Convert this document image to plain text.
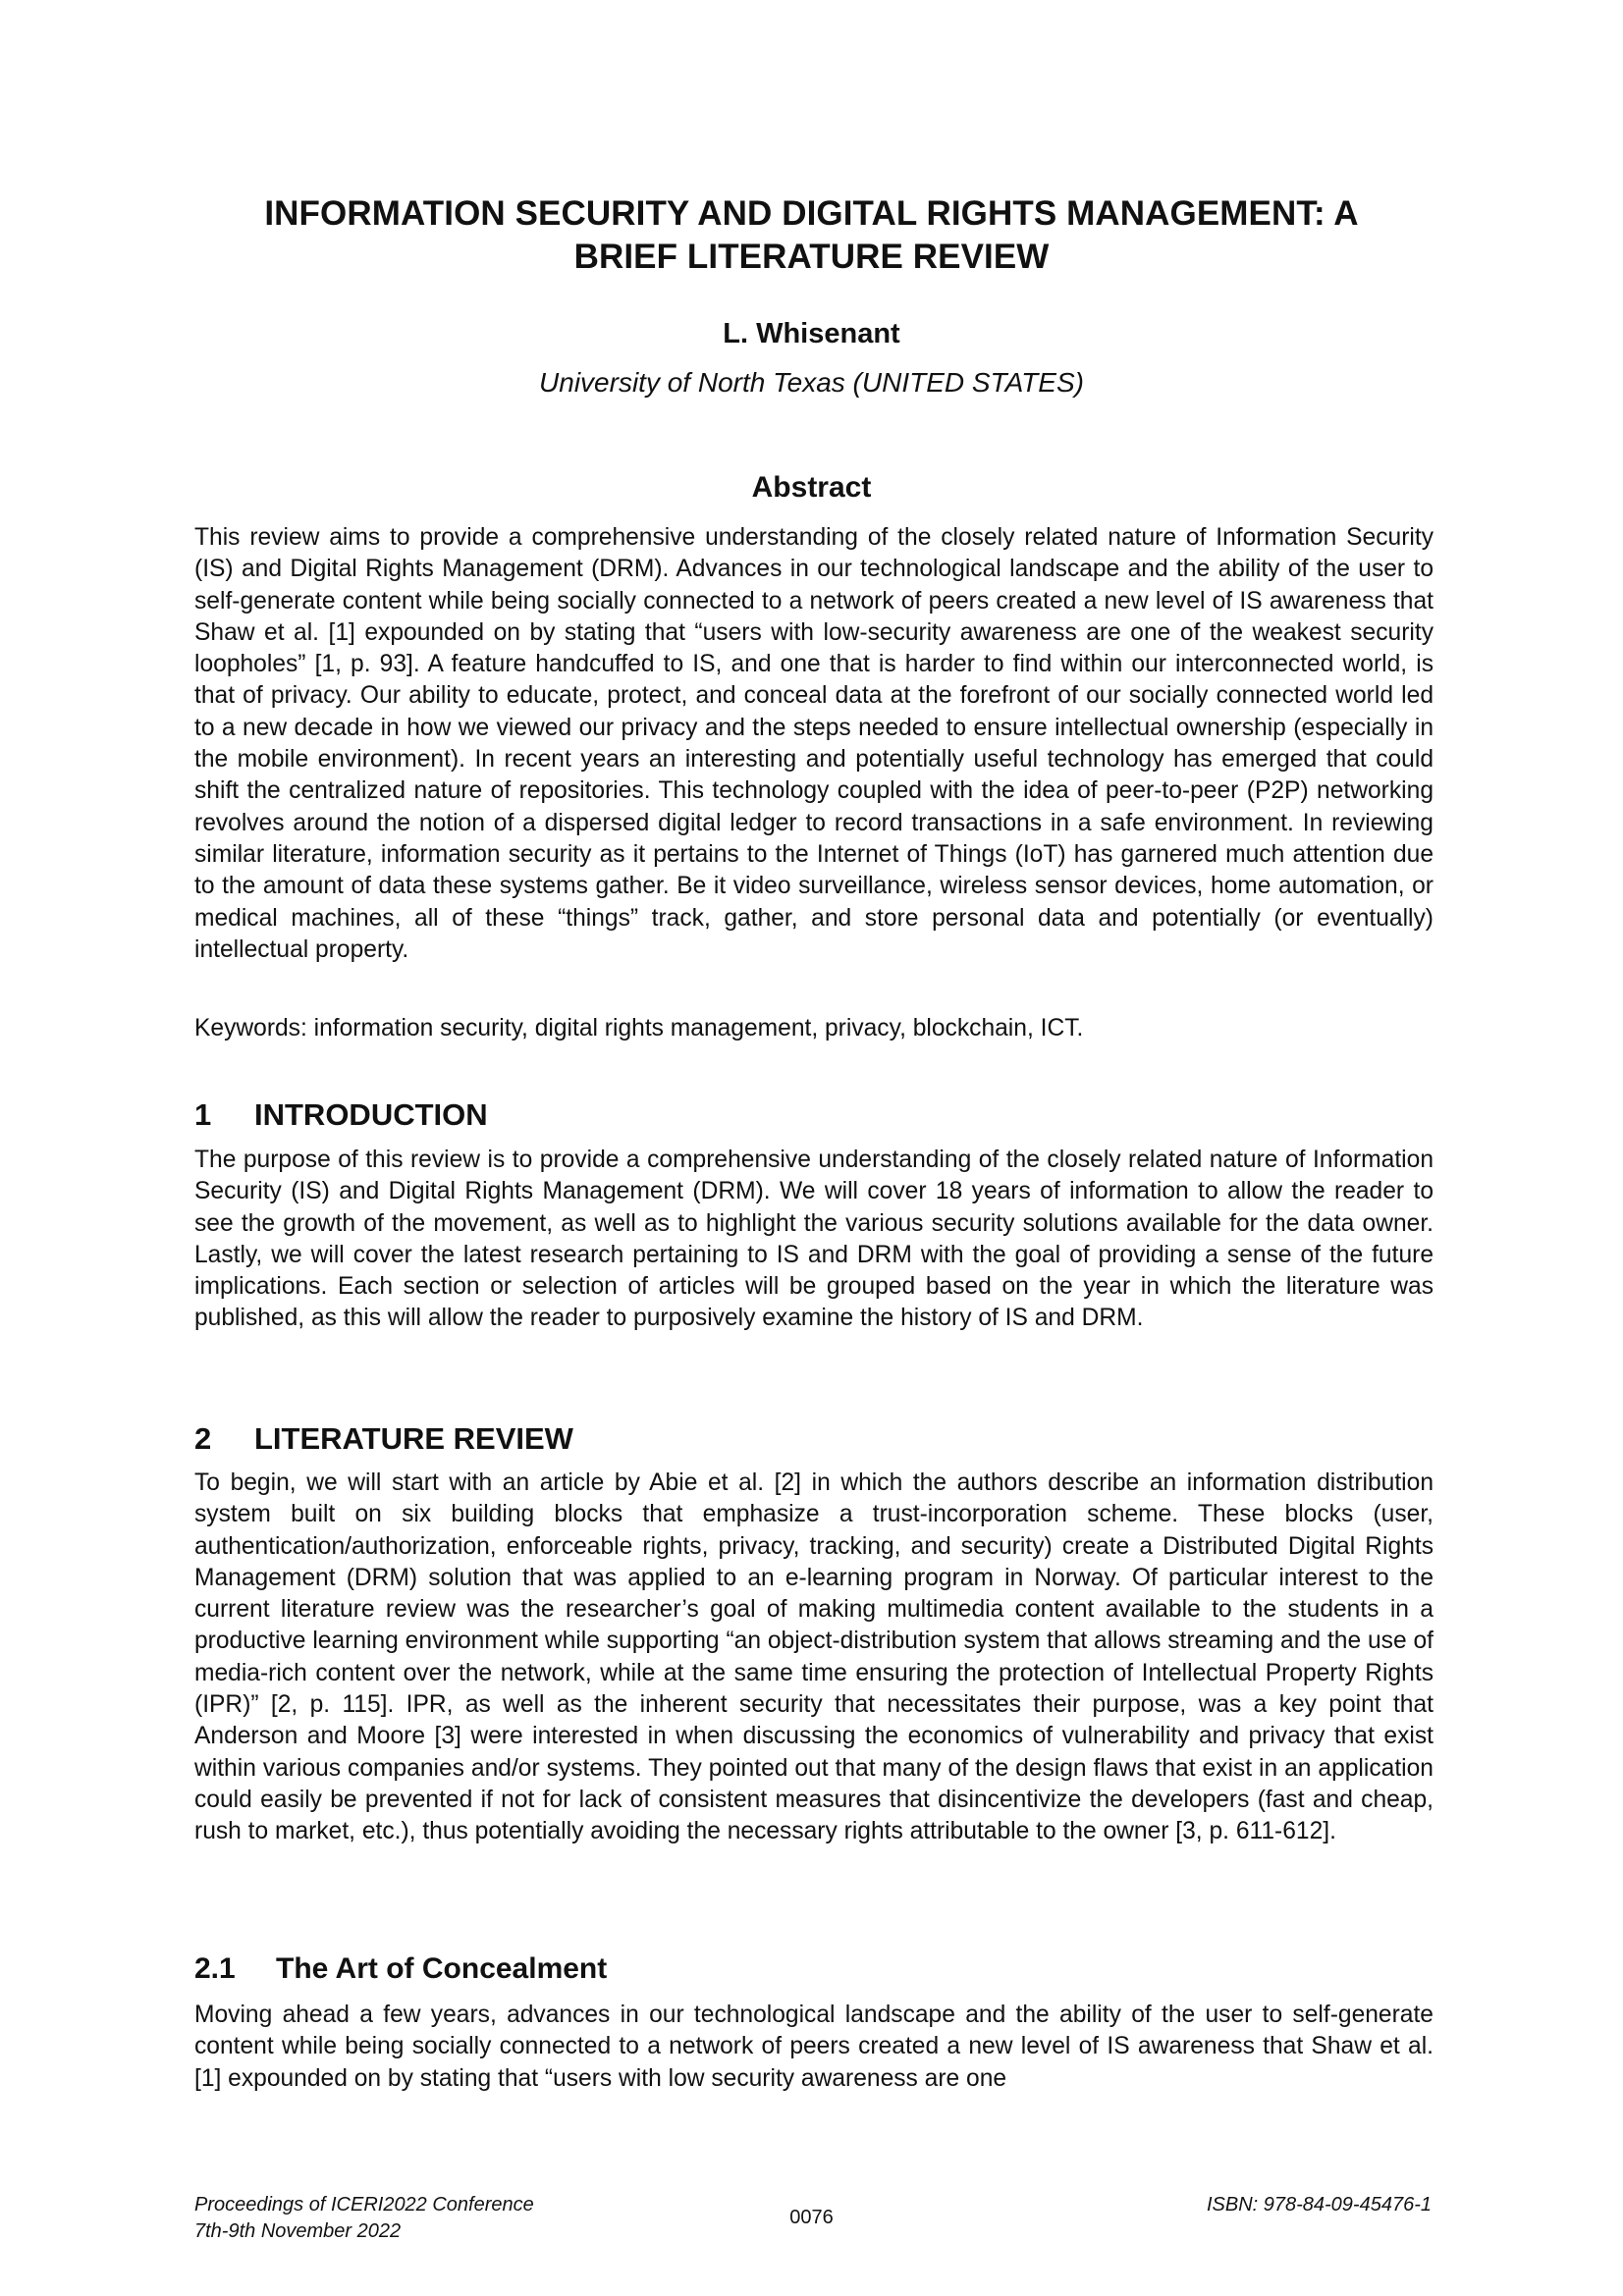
INFORMATION SECURITY AND DIGITAL RIGHTS MANAGEMENT: A
BRIEF LITERATURE REVIEW
L. Whisenant
University of North Texas (UNITED STATES)
Abstract

This review aims to provide a comprehensive understanding of the closely related nature of Information Security (IS) and Digital Rights Management (DRM). Advances in our technological landscape and the ability of the user to self-generate content while being socially connected to a network of peers created a new level of IS awareness that Shaw et al. [1] expounded on by stating that “users with low-security awareness are one of the weakest security loopholes” [1, p. 93]. A feature handcuffed to IS, and one that is harder to find within our interconnected world, is that of privacy. Our ability to educate, protect, and conceal data at the forefront of our socially connected world led to a new decade in how we viewed our privacy and the steps needed to ensure intellectual ownership (especially in the mobile environment). In recent years an interesting and potentially useful technology has emerged that could shift the centralized nature of repositories. This technology coupled with the idea of peer-to-peer (P2P) networking revolves around the notion of a dispersed digital ledger to record transactions in a safe environment. In reviewing similar literature, information security as it pertains to the Internet of Things (IoT) has garnered much attention due to the amount of data these systems gather. Be it video surveillance, wireless sensor devices, home automation, or medical machines, all of these “things” track, gather, and store personal data and potentially (or eventually) intellectual property.

Keywords: information security, digital rights management, privacy, blockchain, ICT.

1 INTRODUCTION

The purpose of this review is to provide a comprehensive understanding of the closely related nature of Information Security (IS) and Digital Rights Management (DRM). We will cover 18 years of information to allow the reader to see the growth of the movement, as well as to highlight the various security solutions available for the data owner. Lastly, we will cover the latest research pertaining to IS and DRM with the goal of providing a sense of the future implications. Each section or selection of articles will be grouped based on the year in which the literature was published, as this will allow the reader to purposively examine the history of IS and DRM.

2 LITERATURE REVIEW

To begin, we will start with an article by Abie et al. [2] in which the authors describe an information distribution system built on six building blocks that emphasize a trust-incorporation scheme. These blocks (user, authentication/authorization, enforceable rights, privacy, tracking, and security) create a Distributed Digital Rights Management (DRM) solution that was applied to an e-learning program in Norway. Of particular interest to the current literature review was the researcher’s goal of making multimedia content available to the students in a productive learning environment while supporting “an object-distribution system that allows streaming and the use of media-rich content over the network, while at the same time ensuring the protection of Intellectual Property Rights (IPR)” [2, p. 115]. IPR, as well as the inherent security that necessitates their purpose, was a key point that Anderson and Moore [3] were interested in when discussing the economics of vulnerability and privacy that exist within various companies and/or systems. They pointed out that many of the design flaws that exist in an application could easily be prevented if not for lack of consistent measures that disincentivize the developers (fast and cheap, rush to market, etc.), thus potentially avoiding the necessary rights attributable to the owner [3, p. 611-612].

2.1 The Art of Concealment

Moving ahead a few years, advances in our technological landscape and the ability of the user to self-generate content while being socially connected to a network of peers created a new level of IS awareness that Shaw et al. [1] expounded on by stating that “users with low security awareness are one

Proceedings of ICERI2022 Conference
7th-9th November 2022
0076
ISBN: 978-84-09-45476-1
